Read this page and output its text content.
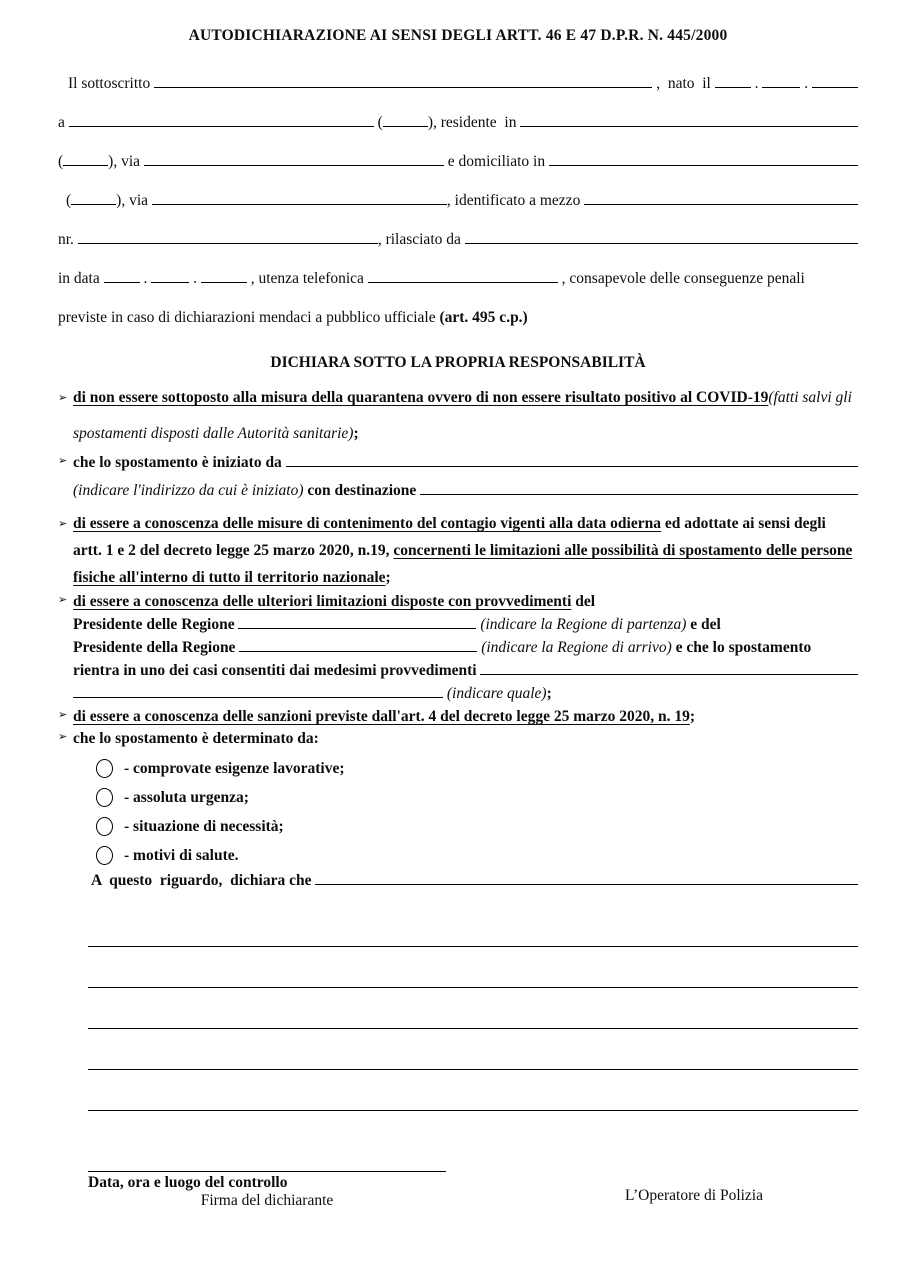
AUTODICHIARAZIONE AI SENSI DEGLI ARTT. 46 E 47 D.P.R. N. 445/2000
Il sottoscritto	,  nato  il . .
a	(	), residente  in
(	), via	e domiciliato in
(	), via	, identificato a mezzo
nr.	, rilasciato da
in data . .	, utenza telefonica	, consapevole delle conseguenze penali
previste in caso di dichiarazioni mendaci a pubblico ufficiale (art. 495 c.p.)
DICHIARA SOTTO LA PROPRIA RESPONSABILITÀ
➢ di non essere sottoposto alla misura della quarantena ovvero di non essere risultato positivo al COVID-19(fatti salvi gli spostamenti disposti dalle Autorità sanitarie);
➢ che lo spostamento è iniziato da
(indicare l'indirizzo da cui è iniziato) con destinazione
➢ di essere a conoscenza delle misure di contenimento del contagio vigenti alla data odierna ed adottate ai sensi degli artt. 1 e 2 del decreto legge 25 marzo 2020, n.19, concernenti le limitazioni alle possibilità di spostamento delle persone fisiche all'interno di tutto il territorio nazionale;
➢ di essere a conoscenza delle ulteriori limitazioni disposte con provvedimenti del
Presidente delle Regione	(indicare la Regione di partenza) e del
Presidente della Regione	(indicare la Regione di arrivo) e che lo spostamento
rientra in uno dei casi consentiti dai medesimi provvedimenti
(indicare quale) ;
➢ di essere a conoscenza delle sanzioni previste dall'art. 4 del decreto legge 25 marzo 2020, n. 19 ;
➢ che lo spostamento è determinato da:
- comprovate esigenze lavorative;
- assoluta urgenza;
- situazione di necessità;
- motivi di salute.
A  questo  riguardo,  dichiara che
Data, ora e luogo del controllo
Firma del dichiarante	L’Operatore di Polizia
